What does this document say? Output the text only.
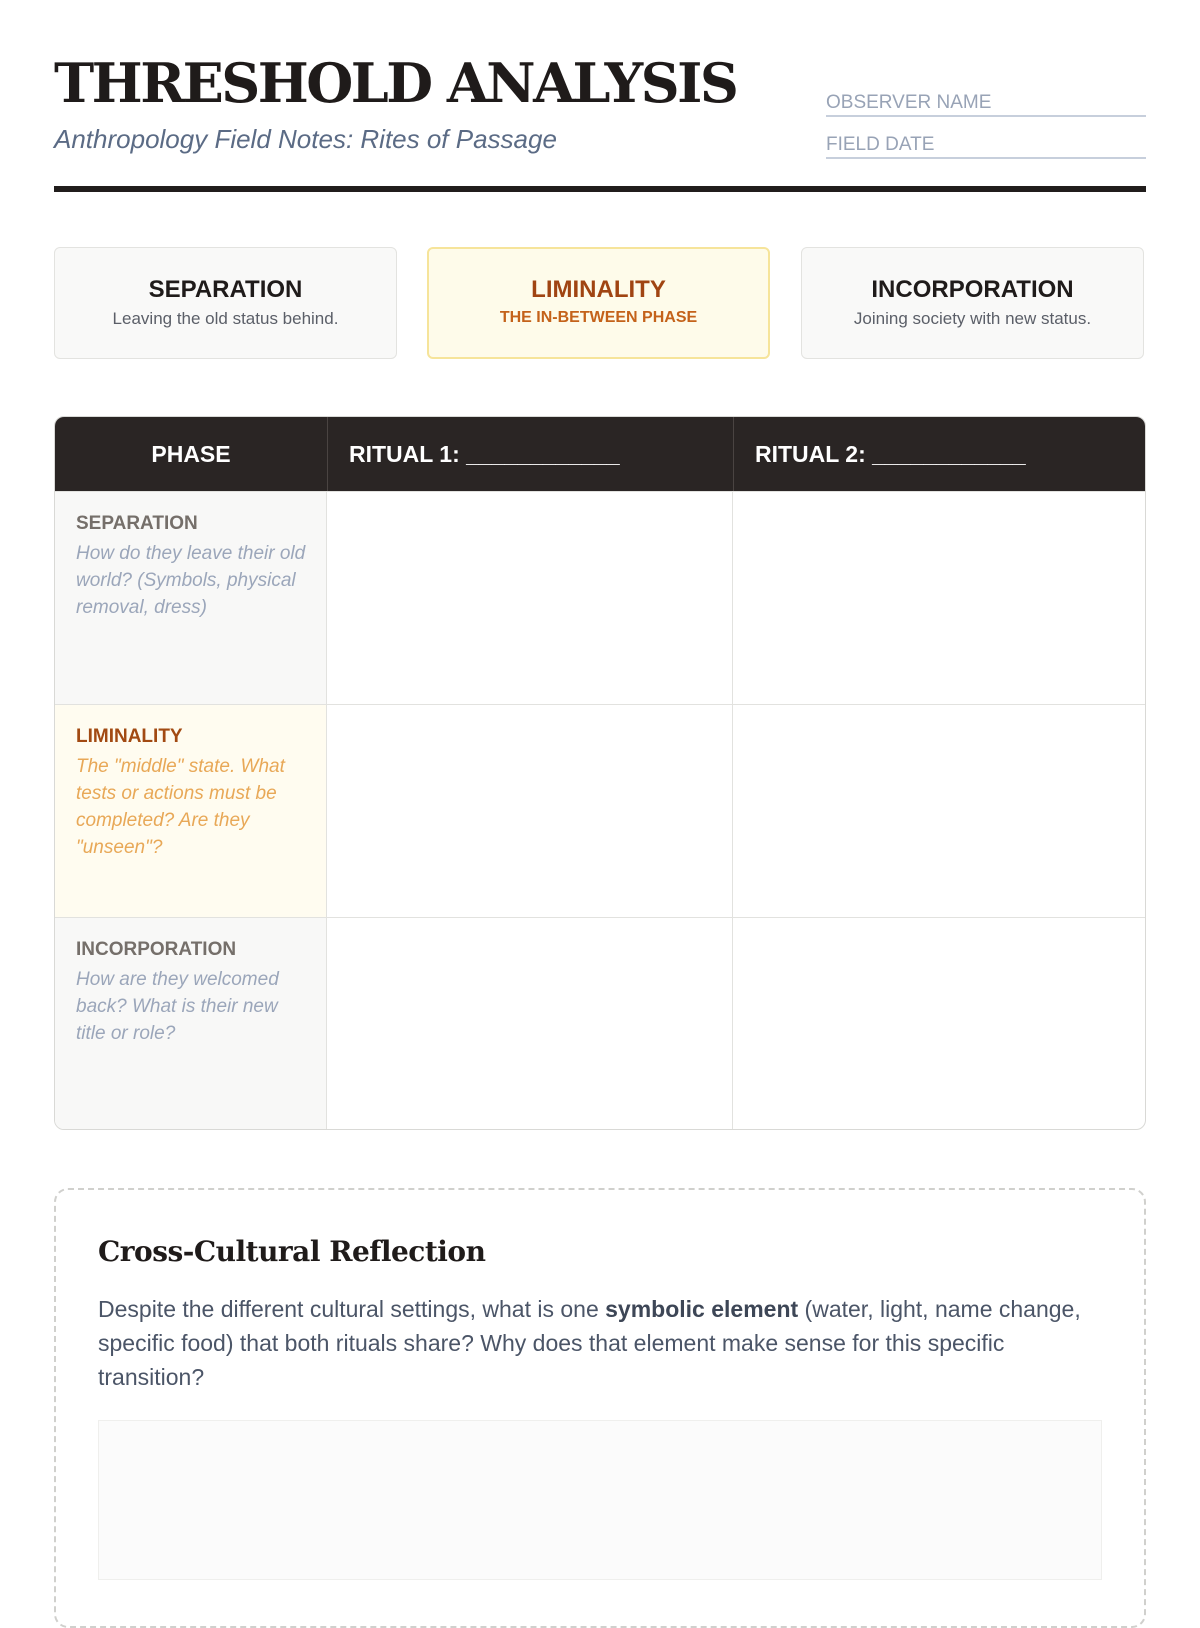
THRESHOLD ANALYSIS
Anthropology Field Notes: Rites of Passage
OBSERVER NAME
FIELD DATE
SEPARATION
Leaving the old status behind.
LIMINALITY
THE IN-BETWEEN PHASE
INCORPORATION
Joining society with new status.
PHASE	RITUAL 1: ____________	RITUAL 2: ____________
SEPARATION
How do they leave their old world? (Symbols, physical removal, dress)
LIMINALITY
The "middle" state. What tests or actions must be completed? Are they "unseen"?
INCORPORATION
How are they welcomed back? What is their new title or role?
Cross-Cultural Reflection
Despite the different cultural settings, what is one symbolic element (water, light, name change, specific food) that both rituals share? Why does that element make sense for this specific transition?
